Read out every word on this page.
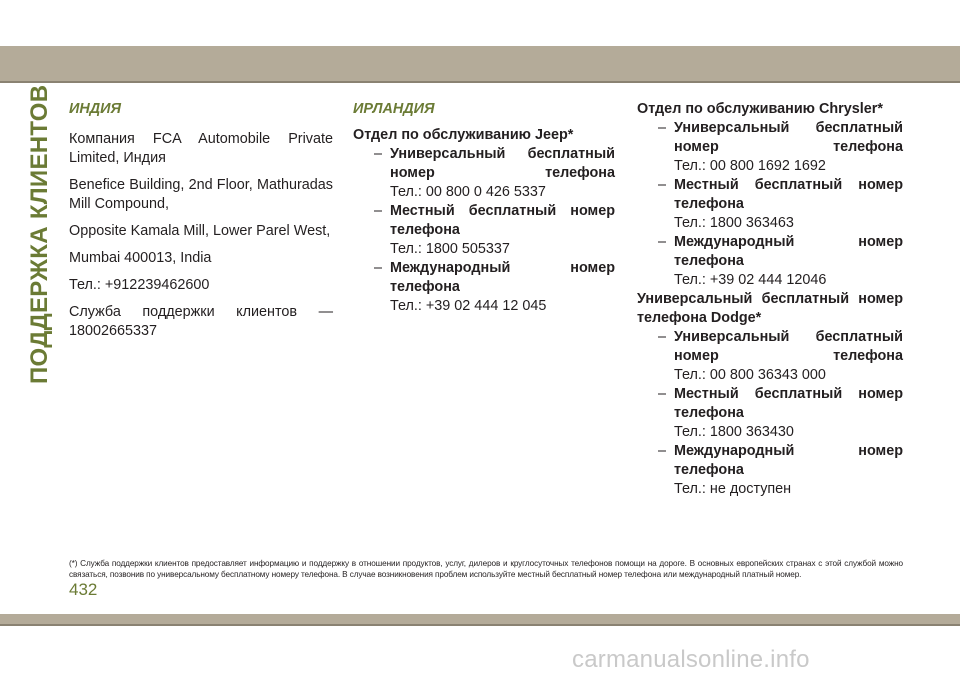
ПОДДЕРЖКА КЛИЕНТОВ	ИНДИЯ
Компания FCA Automobile Private Limited, Индия
Benefice Building, 2nd Floor, Mathuradas Mill Compound,
Opposite Kamala Mill, Lower Parel West,
Mumbai 400013, India
Тел.: +912239462600
Служба поддержки клиентов — 18002665337
ИРЛАНДИЯ
Отдел по обслуживанию Jeep*
– Универсальный бесплатный номер телефона
Тел.: 00 800 0 426 5337
– Местный бесплатный номер телефона
Тел.: 1800 505337
– Международный номер телефона
Тел.: +39 02 444 12 045
Отдел по обслуживанию Chrysler*
– Универсальный бесплатный номер телефона
Тел.: 00 800 1692 1692
– Местный бесплатный номер телефона
Тел.: 1800 363463
– Международный номер телефона
Тел.: +39 02 444 12046
Универсальный бесплатный номер телефона Dodge*
– Универсальный бесплатный номер телефона
Тел.: 00 800 36343 000
– Местный бесплатный номер телефона
Тел.: 1800 363430
– Международный номер телефона
Тел.: не доступен
(*) Служба поддержки клиентов предоставляет информацию и поддержку в отношении продуктов, услуг, дилеров и круглосуточных телефонов помощи на дороге. В основных европейских странах с этой службой можно связаться, позвонив по универсальному бесплатному номеру телефона. В случае возникновения проблем используйте местный бесплатный номер телефона или международный платный номер.
432
carmanualsonline.info
